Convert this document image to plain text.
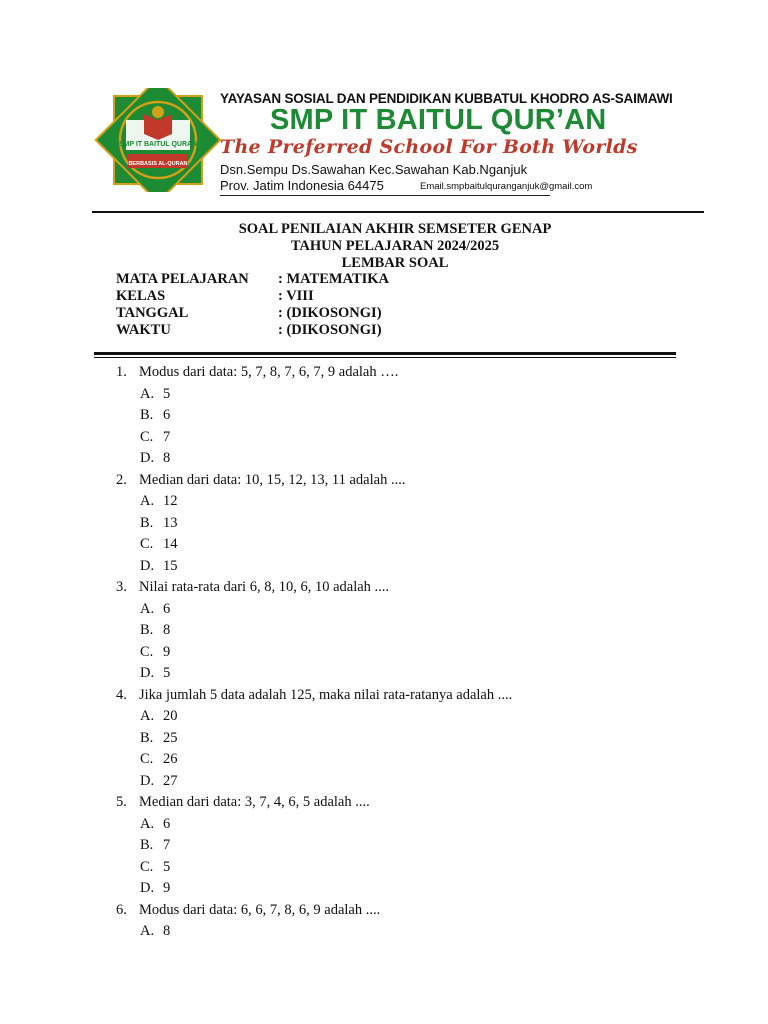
SMP IT BAITUL QURAN
BERBASIS AL-QURAN
YAYASAN SOSIAL DAN PENDIDIKAN KUBBATUL KHODRO AS-SAIMAWI
SMP IT BAITUL QUR’AN
The Preferred School For Both Worlds
Dsn.Sempu Ds.Sawahan Kec.Sawahan Kab.Nganjuk
Prov. Jatim Indonesia 64475	Email.smpbaitulquranganjuk@gmail.com
SOAL PENILAIAN AKHIR SEMSETER GENAP
TAHUN PELAJARAN 2024/2025
LEMBAR SOAL
MATA PELAJARAN	: MATEMATIKA
KELAS	: VIII
TANGGAL	: (DIKOSONGI)
WAKTU	: (DIKOSONGI)
1. Modus dari data: 5, 7, 8, 7, 6, 7, 9 adalah ….
A. 5
B. 6
C. 7
D. 8
2. Median dari data: 10, 15, 12, 13, 11 adalah ....
A. 12
B. 13
C. 14
D. 15
3. Nilai rata-rata dari 6, 8, 10, 6, 10 adalah ....
A. 6
B. 8
C. 9
D. 5
4. Jika jumlah 5 data adalah 125, maka nilai rata-ratanya adalah ....
A. 20
B. 25
C. 26
D. 27
5. Median dari data: 3, 7, 4, 6, 5 adalah ....
A. 6
B. 7
C. 5
D. 9
6. Modus dari data: 6, 6, 7, 8, 6, 9 adalah ....
A. 8
